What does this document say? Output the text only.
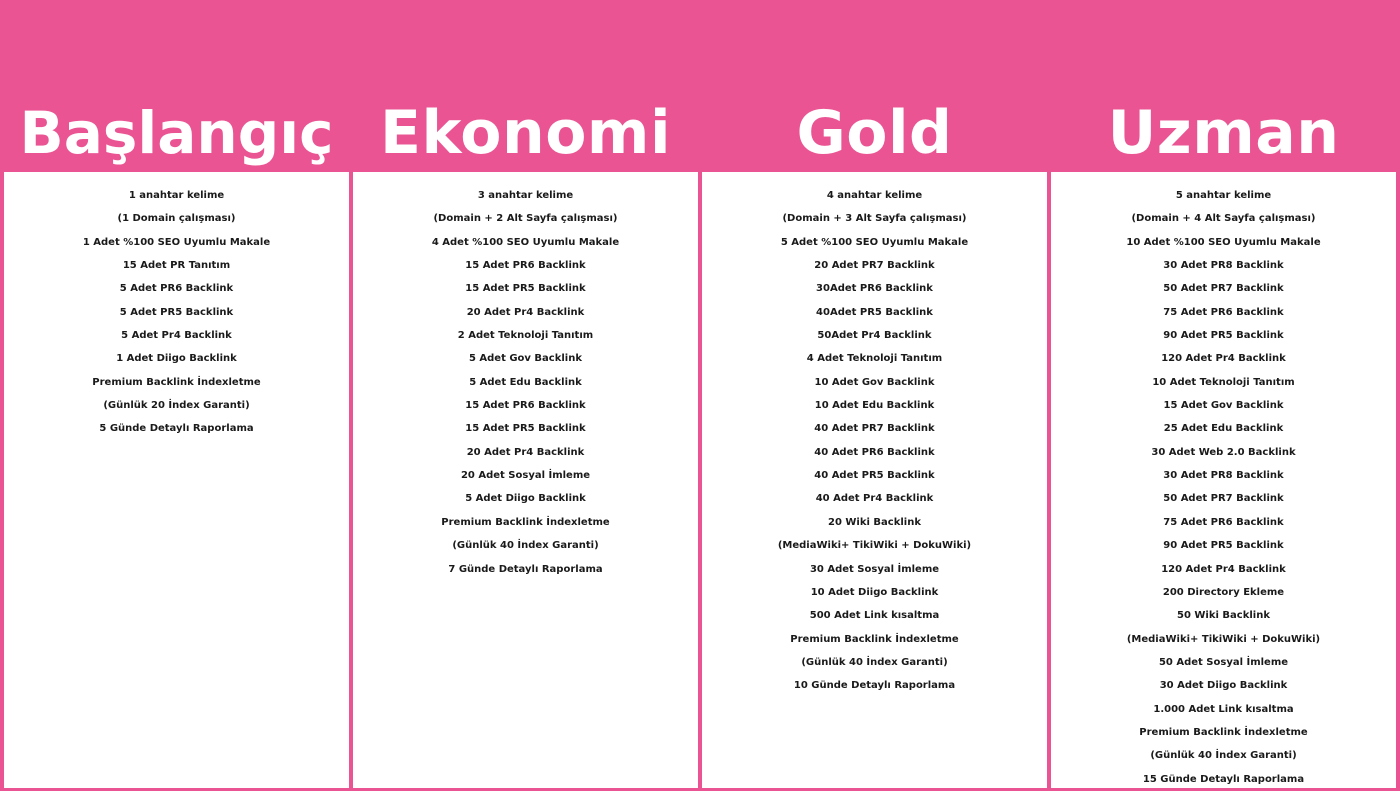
Başlangıç
1 anahtar kelime
(1 Domain çalışması)
1 Adet %100 SEO Uyumlu Makale
15 Adet PR Tanıtım
5 Adet PR6 Backlink
5 Adet PR5 Backlink
5 Adet Pr4 Backlink
1 Adet Diigo Backlink
Premium Backlink İndexletme
(Günlük 20 İndex Garanti)
5 Günde Detaylı Raporlama
Ekonomi
3 anahtar kelime
(Domain + 2 Alt Sayfa çalışması)
4 Adet %100 SEO Uyumlu Makale
15 Adet PR6 Backlink
15 Adet PR5 Backlink
20 Adet Pr4 Backlink
2 Adet Teknoloji Tanıtım
5 Adet Gov Backlink
5 Adet Edu Backlink
15 Adet PR6 Backlink
15 Adet PR5 Backlink
20 Adet Pr4 Backlink
20 Adet Sosyal İmleme
5 Adet Diigo Backlink
Premium Backlink İndexletme
(Günlük 40 İndex Garanti)
7 Günde Detaylı Raporlama
Gold
4 anahtar kelime
(Domain + 3 Alt Sayfa çalışması)
5 Adet %100 SEO Uyumlu Makale
20 Adet PR7 Backlink
30Adet PR6 Backlink
40Adet PR5 Backlink
50Adet Pr4 Backlink
4 Adet Teknoloji Tanıtım
10 Adet Gov Backlink
10 Adet Edu Backlink
40 Adet PR7 Backlink
40 Adet PR6 Backlink
40 Adet PR5 Backlink
40 Adet Pr4 Backlink
20 Wiki Backlink
(MediaWiki+ TikiWiki + DokuWiki)
30 Adet Sosyal İmleme
10 Adet Diigo Backlink
500 Adet Link kısaltma
Premium Backlink İndexletme
(Günlük 40 İndex Garanti)
10 Günde Detaylı Raporlama
Uzman
5 anahtar kelime
(Domain + 4 Alt Sayfa çalışması)
10 Adet %100 SEO Uyumlu Makale
30 Adet PR8 Backlink
50 Adet PR7 Backlink
75 Adet PR6 Backlink
90 Adet PR5 Backlink
120 Adet Pr4 Backlink
10 Adet Teknoloji Tanıtım
15 Adet Gov Backlink
25 Adet Edu Backlink
30 Adet Web 2.0 Backlink
30 Adet PR8 Backlink
50 Adet PR7 Backlink
75 Adet PR6 Backlink
90 Adet PR5 Backlink
120 Adet Pr4 Backlink
200 Directory Ekleme
50 Wiki Backlink
(MediaWiki+ TikiWiki + DokuWiki)
50 Adet Sosyal İmleme
30 Adet Diigo Backlink
1.000 Adet Link kısaltma
Premium Backlink İndexletme
(Günlük 40 İndex Garanti)
15 Günde Detaylı Raporlama
